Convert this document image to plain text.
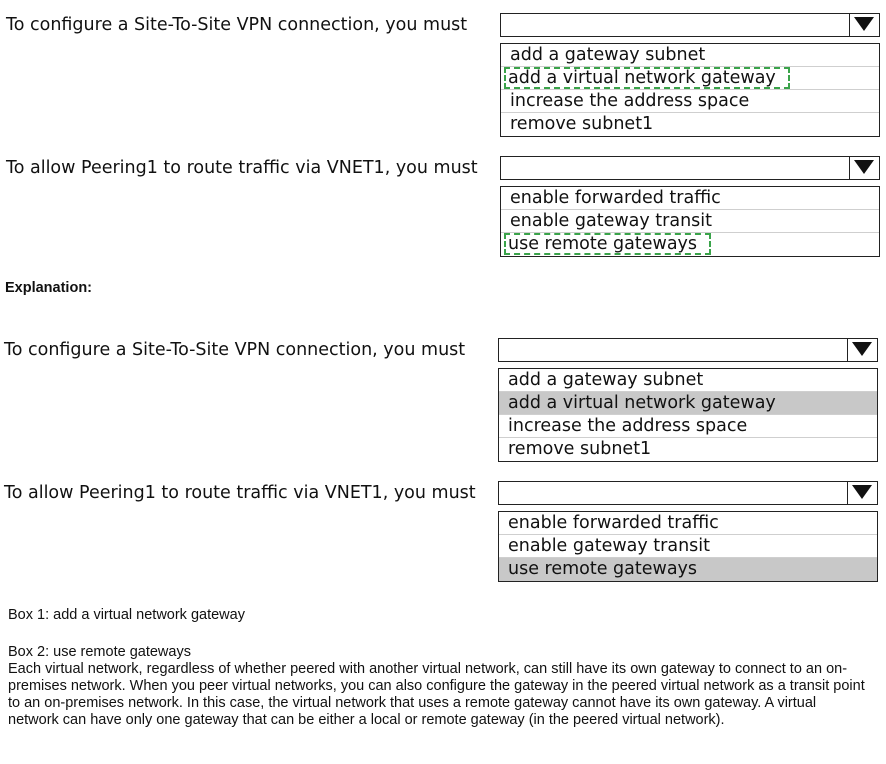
To configure a Site-To-Site VPN connection, you must
add a gateway subnet
add a virtual network gateway
increase the address space
remove subnet1
To allow Peering1 to route traffic via VNET1, you must
enable forwarded traffic
enable gateway transit
use remote gateways
Explanation:
To configure a Site-To-Site VPN connection, you must
add a gateway subnet
add a virtual network gateway
increase the address space
remove subnet1
To allow Peering1 to route traffic via VNET1, you must
enable forwarded traffic
enable gateway transit
use remote gateways
Box 1: add a virtual network gateway
Box 2: use remote gateways
Each virtual network, regardless of whether peered with another virtual network, can still have its own gateway to connect to an on-premises network. When you peer virtual networks, you can also configure the gateway in the peered virtual network as a transit point to an on-premises network. In this case, the virtual network that uses a remote gateway cannot have its own gateway. A virtual network can have only one gateway that can be either a local or remote gateway (in the peered virtual network).
